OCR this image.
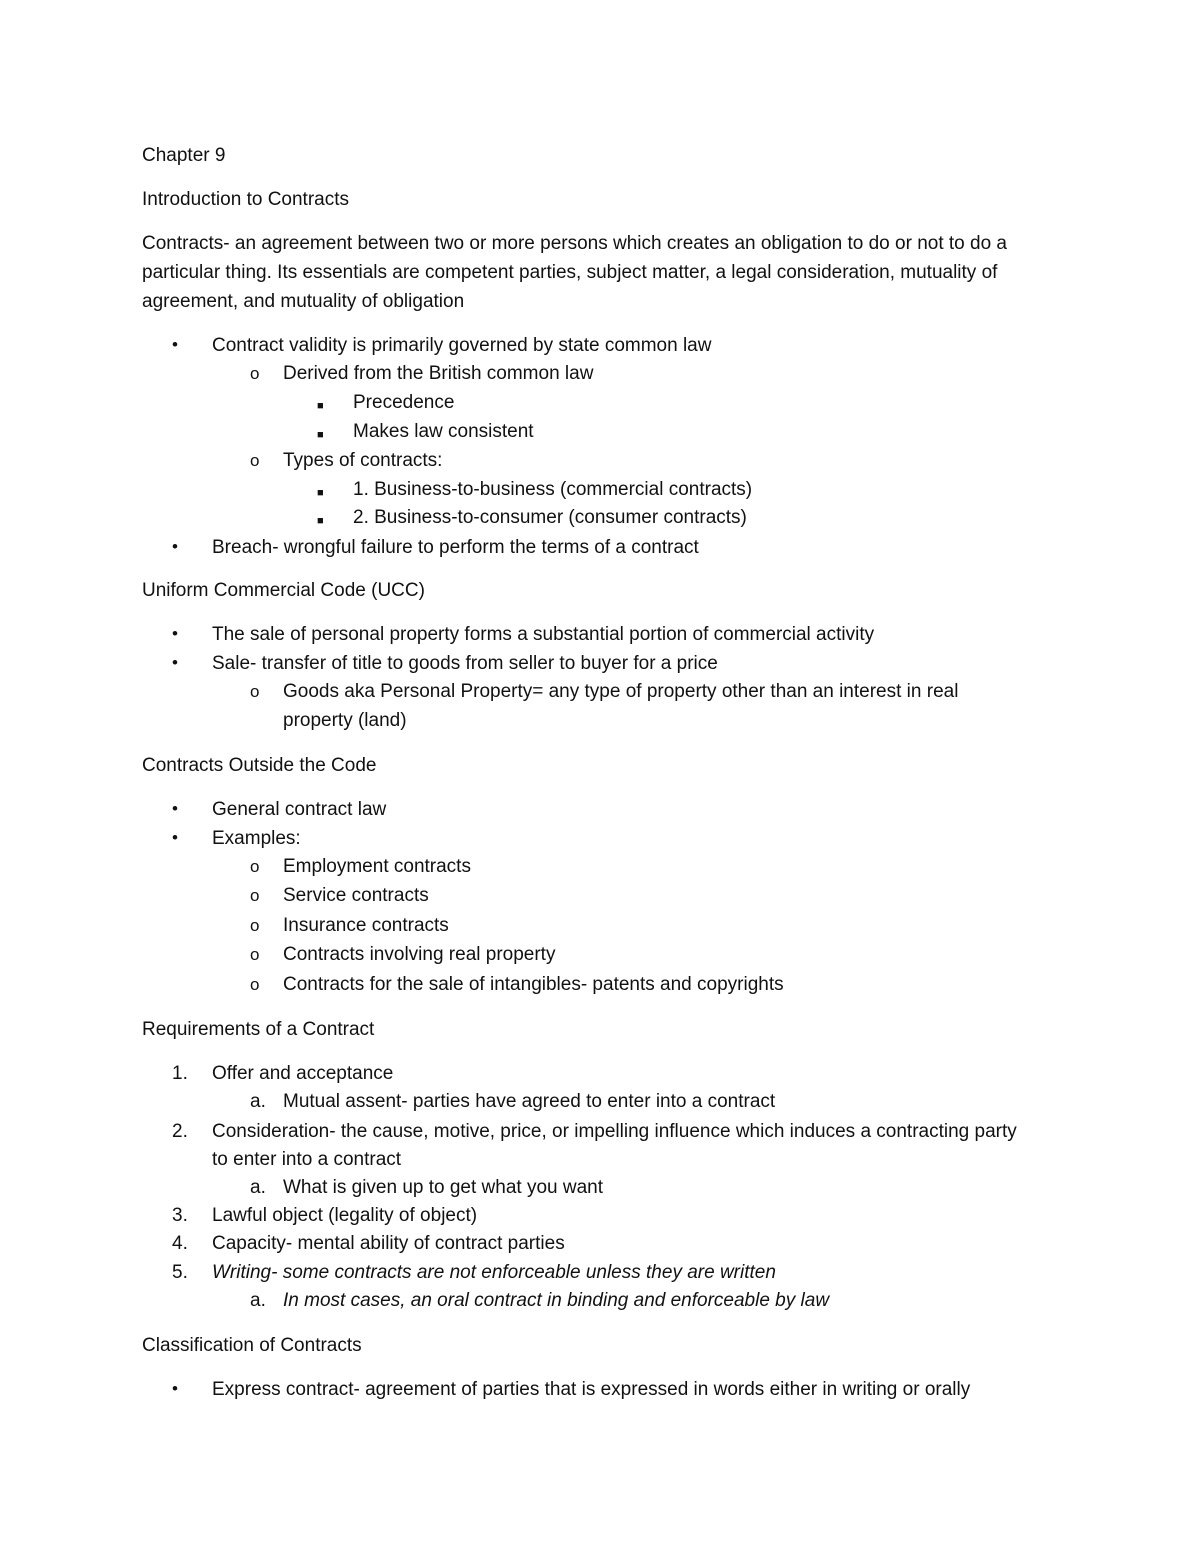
Chapter 9
Introduction to Contracts
Contracts- an agreement between two or more persons which creates an obligation to do or not to do a particular thing. Its essentials are competent parties, subject matter, a legal consideration, mutuality of agreement, and mutuality of obligation
• Contract validity is primarily governed by state common law
o Derived from the British common law
■ Precedence
■ Makes law consistent
o Types of contracts:
■ 1. Business-to-business (commercial contracts)
■ 2. Business-to-consumer (consumer contracts)
• Breach- wrongful failure to perform the terms of a contract
Uniform Commercial Code (UCC)
• The sale of personal property forms a substantial portion of commercial activity
• Sale- transfer of title to goods from seller to buyer for a price
o Goods aka Personal Property= any type of property other than an interest in real
property (land)
Contracts Outside the Code
• General contract law
• Examples:
o Employment contracts
o Service contracts
o Insurance contracts
o Contracts involving real property
o Contracts for the sale of intangibles- patents and copyrights
Requirements of a Contract
1. Offer and acceptance
a. Mutual assent- parties have agreed to enter into a contract
2. Consideration- the cause, motive, price, or impelling influence which induces a contracting party
to enter into a contract
a. What is given up to get what you want
3. Lawful object (legality of object)
4. Capacity- mental ability of contract parties
5. Writing- some contracts are not enforceable unless they are written
a. In most cases, an oral contract in binding and enforceable by law
Classification of Contracts
• Express contract- agreement of parties that is expressed in words either in writing or orally
